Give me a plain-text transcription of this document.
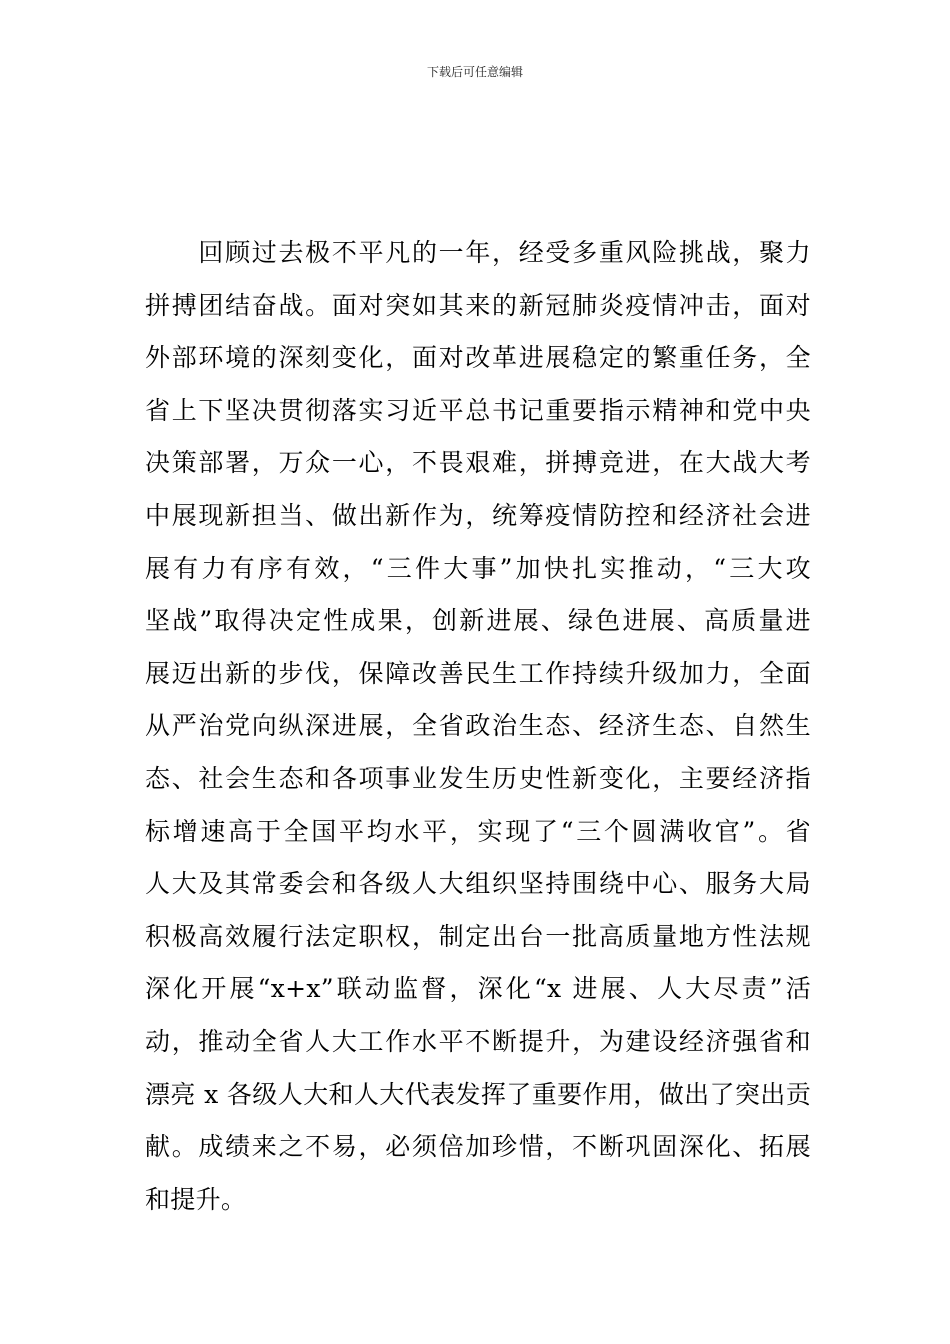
下载后可任意编辑
　　回顾过去极不平凡的一年，经受多重风险挑战，聚力
拼搏团结奋战。面对突如其来的新冠肺炎疫情冲击，面对
外部环境的深刻变化，面对改革进展稳定的繁重任务，全
省上下坚决贯彻落实习近平总书记重要指示精神和党中央
决策部署，万众一心，不畏艰难，拼搏竞进，在大战大考
中展现新担当、做出新作为，统筹疫情防控和经济社会进
展有力有序有效，“三件大事”加快扎实推动，“三大攻
坚战”取得决定性成果，创新进展、绿色进展、高质量进
展迈出新的步伐，保障改善民生工作持续升级加力，全面
从严治党向纵深进展，全省政治生态、经济生态、自然生
态、社会生态和各项事业发生历史性新变化，主要经济指
标增速高于全国平均水平，实现了“三个圆满收官”。省
人大及其常委会和各级人大组织坚持围绕中心、服务大局
积极高效履行法定职权，制定出台一批高质量地方性法规
深化开展“x+x”联动监督，深化“x 进展、人大尽责”活
动，推动全省人大工作水平不断提升，为建设经济强省和
漂亮 x 各级人大和人大代表发挥了重要作用，做出了突出贡
献。成绩来之不易，必须倍加珍惜，不断巩固深化、拓展
和提升。
